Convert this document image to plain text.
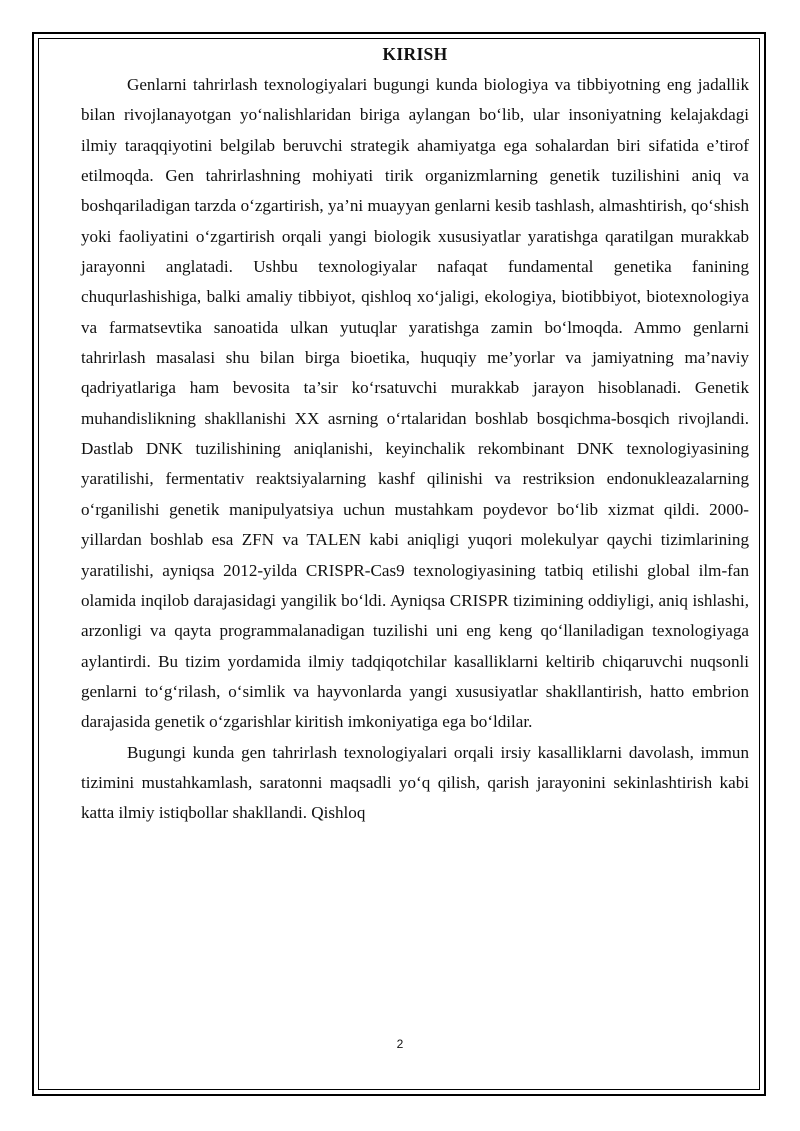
KIRISH

Genlarni tahrirlash texnologiyalari bugungi kunda biologiya va tibbiyotning eng jadallik bilan rivojlanayotgan yo‘nalishlaridan biriga aylangan bo‘lib, ular insoniyatning kelajakdagi ilmiy taraqqiyotini belgilab beruvchi strategik ahamiyatga ega sohalardan biri sifatida e’tirof etilmoqda. Gen tahrirlashning mohiyati tirik organizmlarning genetik tuzilishini aniq va boshqariladigan tarzda o‘zgartirish, ya’ni muayyan genlarni kesib tashlash, almashtirish, qo‘shish yoki faoliyatini o‘zgartirish orqali yangi biologik xususiyatlar yaratishga qaratilgan murakkab jarayonni anglatadi. Ushbu texnologiyalar nafaqat fundamental genetika fanining chuqurlashishiga, balki amaliy tibbiyot, qishloq xo‘jaligi, ekologiya, biotibbiyot, biotexnologiya va farmatsevtika sanoatida ulkan yutuqlar yaratishga zamin bo‘lmoqda. Ammo genlarni tahrirlash masalasi shu bilan birga bioetika, huquqiy me’yorlar va jamiyatning ma’naviy qadriyatlariga ham bevosita ta’sir ko‘rsatuvchi murakkab jarayon hisoblanadi. Genetik muhandislikning shakllanishi XX asrning o‘rtalaridan boshlab bosqichma-bosqich rivojlandi. Dastlab DNK tuzilishining aniqlanishi, keyinchalik rekombinant DNK texnologiyasining yaratilishi, fermentativ reaktsiyalarning kashf qilinishi va restriksion endonukleazalarning o‘rganilishi genetik manipulyatsiya uchun mustahkam poydevor bo‘lib xizmat qildi. 2000-yillardan boshlab esa ZFN va TALEN kabi aniqligi yuqori molekulyar qaychi tizimlarining yaratilishi, ayniqsa 2012-yilda CRISPR-Cas9 texnologiyasining tatbiq etilishi global ilm-fan olamida inqilob darajasidagi yangilik bo‘ldi. Ayniqsa CRISPR tizimining oddiyligi, aniq ishlashi, arzonligi va qayta programmalanadigan tuzilishi uni eng keng qo‘llaniladigan texnologiyaga aylantirdi. Bu tizim yordamida ilmiy tadqiqotchilar kasalliklarni keltirib chiqaruvchi nuqsonli genlarni to‘g‘rilash, o‘simlik va hayvonlarda yangi xususiyatlar shakllantirish, hatto embrion darajasida genetik o‘zgarishlar kiritish imkoniyatiga ega bo‘ldilar.

Bugungi kunda gen tahrirlash texnologiyalari orqali irsiy kasalliklarni davolash, immun tizimini mustahkamlash, saratonni maqsadli yo‘q qilish, qarish jarayonini sekinlashtirish kabi katta ilmiy istiqbollar shakllandi. Qishloq

2
